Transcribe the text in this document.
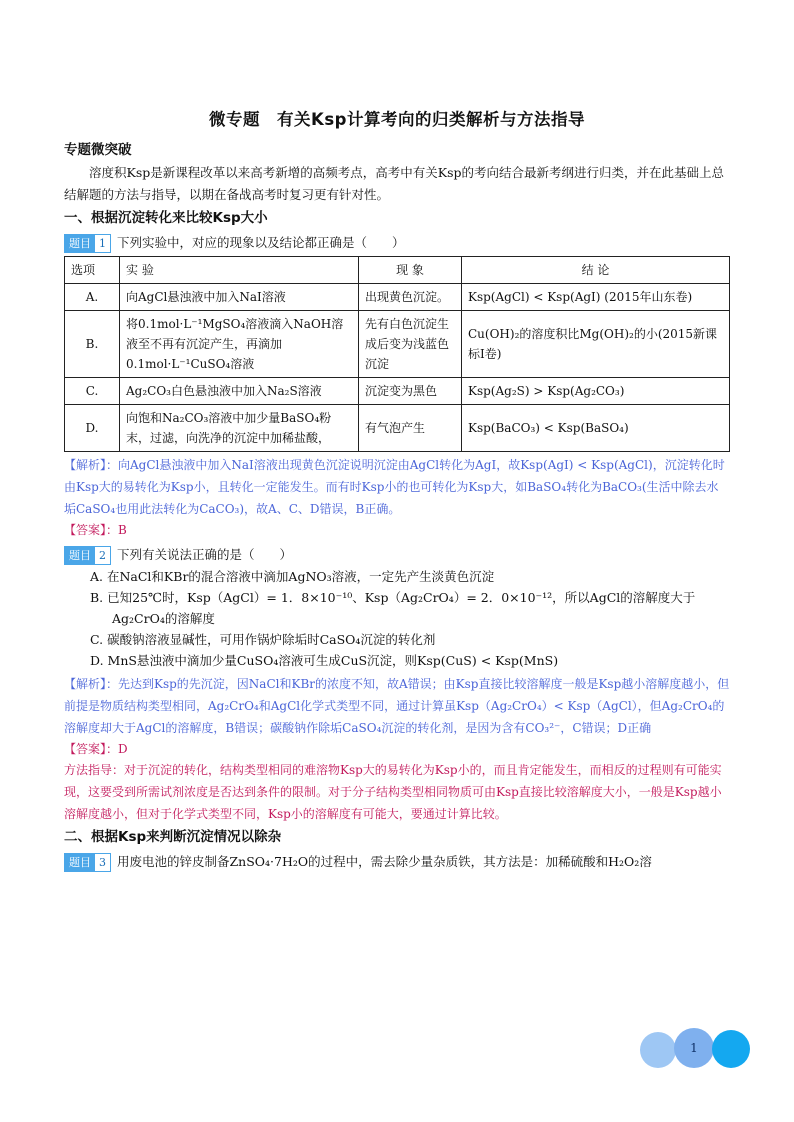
微专题　有关Ksp计算考向的归类解析与方法指导
专题微突破

溶度积Ksp是新课程改革以来高考新增的高频考点，高考中有关Ksp的考向结合最新考纲进行归类，并在此基础上总结解题的方法与指导，以期在备战高考时复习更有针对性。

一、根据沉淀转化来比较Ksp大小
题目 1 下列实验中，对应的现象以及结论都正确是（　　）
选项	实 验	现 象	结 论
A.	向AgCl悬浊液中加入NaI溶液	出现黄色沉淀。	Ksp(AgCl) < Ksp(AgI) (2015年山东卷)
B.	将0.1mol·L⁻¹MgSO₄溶液滴入NaOH溶液至不再有沉淀产生，再滴加0.1mol·L⁻¹CuSO₄溶液	先有白色沉淀生成后变为浅蓝色沉淀	Cu(OH)₂的溶度积比Mg(OH)₂的小(2015新课标I卷)
C.	Ag₂CO₃白色悬浊液中加入Na₂S溶液	沉淀变为黑色	Ksp(Ag₂S) > Ksp(Ag₂CO₃)
D.	向饱和Na₂CO₃溶液中加少量BaSO₄粉末，过滤，向洗净的沉淀中加稀盐酸，	有气泡产生	Ksp(BaCO₃) < Ksp(BaSO₄)
【解析】：向AgCl悬浊液中加入NaI溶液出现黄色沉淀说明沉淀由AgCl转化为AgI，故Ksp(AgI) < Ksp(AgCl)，沉淀转化时由Ksp大的易转化为Ksp小，且转化一定能发生。而有时Ksp小的也可转化为Ksp大，如BaSO₄转化为BaCO₃(生活中除去水垢CaSO₄也用此法转化为CaCO₃)，故A、C、D错误，B正确。
【答案】：B
题目 2 下列有关说法正确的是（　　）
A. 在NaCl和KBr的混合溶液中滴加AgNO₃溶液，一定先产生淡黄色沉淀
B. 已知25℃时，Ksp（AgCl）= 1．8×10⁻¹⁰、Ksp（Ag₂CrO₄）= 2．0×10⁻¹²，所以AgCl的溶解度大于
Ag₂CrO₄的溶解度
C. 碳酸钠溶液显碱性，可用作锅炉除垢时CaSO₄沉淀的转化剂
D. MnS悬浊液中滴加少量CuSO₄溶液可生成CuS沉淀，则Ksp(CuS) < Ksp(MnS)
【解析】：先达到Ksp的先沉淀，因NaCl和KBr的浓度不知，故A错误；由Ksp直接比较溶解度一般是Ksp越小溶解度越小，但前提是物质结构类型相同，Ag₂CrO₄和AgCl化学式类型不同，通过计算虽Ksp（Ag₂CrO₄）< Ksp（AgCl），但Ag₂CrO₄的溶解度却大于AgCl的溶解度，B错误；碳酸钠作除垢CaSO₄沉淀的转化剂，是因为含有CO₃²⁻，C错误；D正确
【答案】：D
方法指导：对于沉淀的转化，结构类型相同的难溶物Ksp大的易转化为Ksp小的，而且肯定能发生，而相反的过程则有可能实现，这要受到所需试剂浓度是否达到条件的限制。对于分子结构类型相同物质可由Ksp直接比较溶解度大小，一般是Ksp越小溶解度越小，但对于化学式类型不同，Ksp小的溶解度有可能大，要通过计算比较。
二、根据Ksp来判断沉淀情况以除杂
题目 3 用废电池的锌皮制备ZnSO₄·7H₂O的过程中，需去除少量杂质铁，其方法是：加稀硫酸和H₂O₂溶
1
